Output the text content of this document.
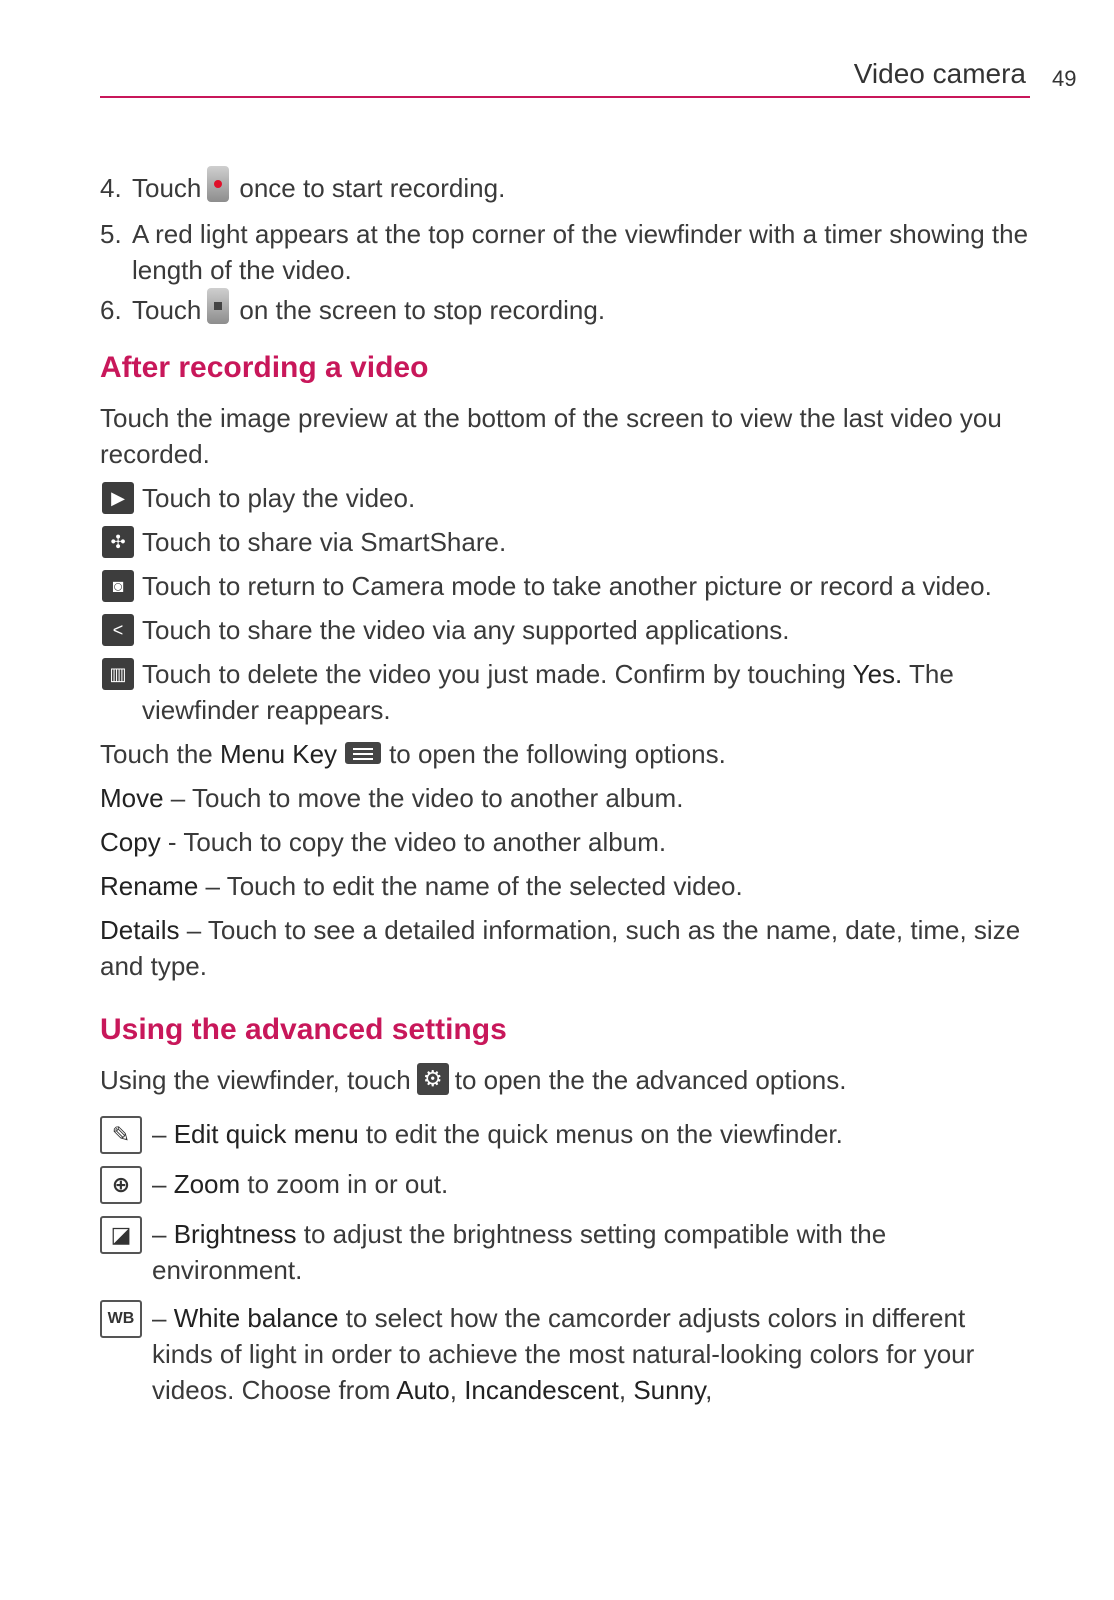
Video camera 49
4. Touch once to start recording.
5. A red light appears at the top corner of the viewfinder with a timer showing the length of the video.
6. Touch on the screen to stop recording.
After recording a video

Touch the image preview at the bottom of the screen to view the last video you recorded.

▶ Touch to play the video.
✣ Touch to share via SmartShare.
◙ Touch to return to Camera mode to take another picture or record a video.
< Touch to share the video via any supported applications.
▥ Touch to delete the video you just made. Confirm by touching Yes. The viewfinder reappears.

Touch the Menu Key to open the following options.

Move – Touch to move the video to another album.

Copy - Touch to copy the video to another album.

Rename – Touch to edit the name of the selected video.

Details – Touch to see a detailed information, such as the name, date, time, size and type.

Using the advanced settings

Using the viewfinder, touch ⚙ to open the the advanced options.

✎ – Edit quick menu to edit the quick menus on the viewfinder.
⊕ – Zoom to zoom in or out.
◪ – Brightness to adjust the brightness setting compatible with the environment.
WB – White balance to select how the camcorder adjusts colors in different kinds of light in order to achieve the most natural-looking colors for your videos. Choose from Auto, Incandescent, Sunny,
